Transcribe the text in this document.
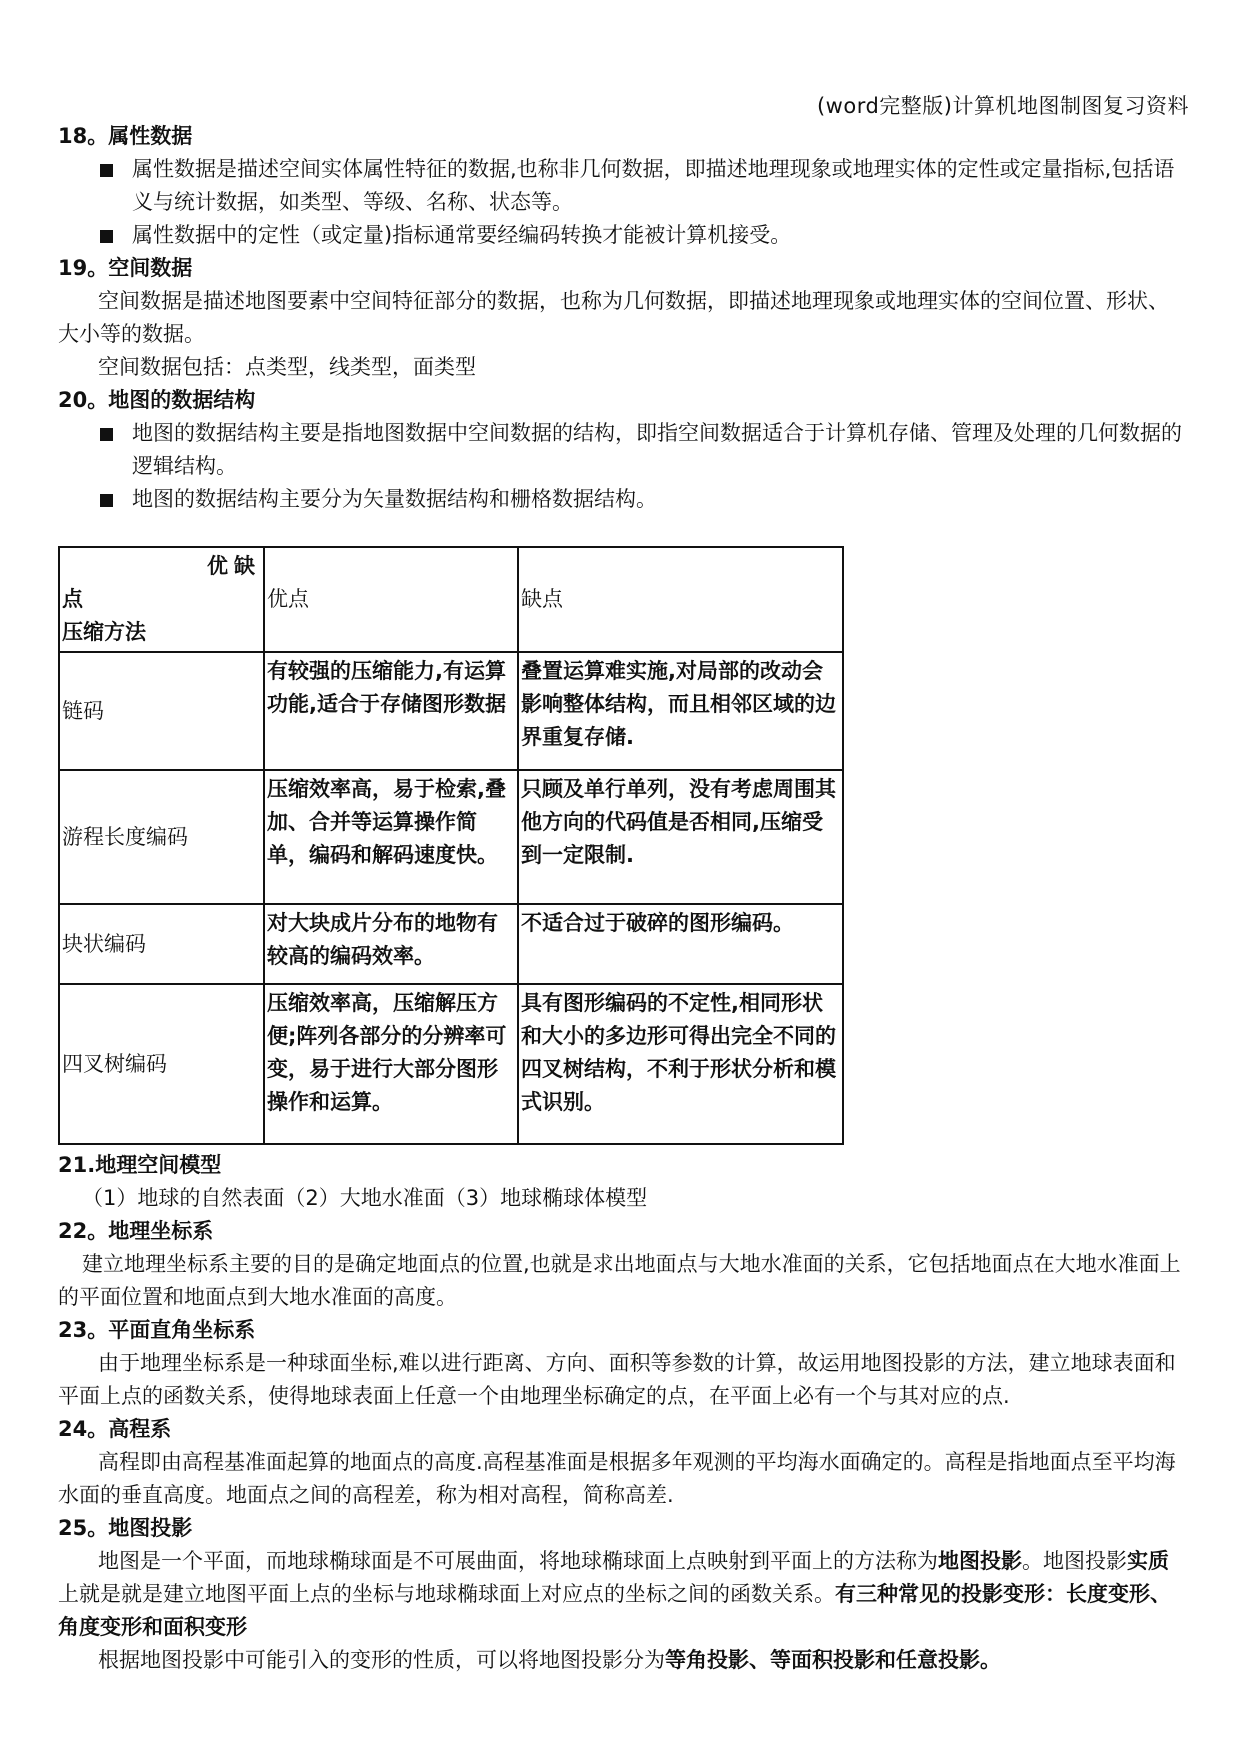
(word完整版)计算机地图制图复习资料
18。属性数据
属性数据是描述空间实体属性特征的数据,也称非几何数据，即描述地理现象或地理实体的定性或定量指标,包括语义与统计数据，如类型、等级、名称、状态等。
属性数据中的定性（或定量)指标通常要经编码转换才能被计算机接受。
19。空间数据
空间数据是描述地图要素中空间特征部分的数据，也称为几何数据，即描述地理现象或地理实体的空间位置、形状、大小等的数据。
空间数据包括：点类型，线类型，面类型
20。地图的数据结构
地图的数据结构主要是指地图数据中空间数据的结构，即指空间数据适合于计算机存储、管理及处理的几何数据的逻辑结构。
地图的数据结构主要分为矢量数据结构和栅格数据结构。
优缺
点
压缩方法	优点	缺点
链码	有较强的压缩能力,有运算功能,适合于存储图形数据	叠置运算难实施,对局部的改动会影响整体结构，而且相邻区域的边界重复存储.
游程长度编码	压缩效率高，易于检索,叠加、合并等运算操作简单，编码和解码速度快。	只顾及单行单列，没有考虑周围其他方向的代码值是否相同,压缩受到一定限制.
块状编码	对大块成片分布的地物有较高的编码效率。	不适合过于破碎的图形编码。
四叉树编码	压缩效率高，压缩解压方便;阵列各部分的分辨率可变，易于进行大部分图形操作和运算。	具有图形编码的不定性,相同形状和大小的多边形可得出完全不同的四叉树结构，不利于形状分析和模式识别。
21.地理空间模型
（1）地球的自然表面（2）大地水准面（3）地球椭球体模型
22。地理坐标系
建立地理坐标系主要的目的是确定地面点的位置,也就是求出地面点与大地水准面的关系，它包括地面点在大地水准面上的平面位置和地面点到大地水准面的高度。
23。平面直角坐标系
由于地理坐标系是一种球面坐标,难以进行距离、方向、面积等参数的计算，故运用地图投影的方法，建立地球表面和平面上点的函数关系，使得地球表面上任意一个由地理坐标确定的点，在平面上必有一个与其对应的点.
24。高程系
高程即由高程基准面起算的地面点的高度.高程基准面是根据多年观测的平均海水面确定的。高程是指地面点至平均海水面的垂直高度。地面点之间的高程差，称为相对高程，简称高差.
25。地图投影
地图是一个平面，而地球椭球面是不可展曲面，将地球椭球面上点映射到平面上的方法称为地图投影。地图投影实质上就是就是建立地图平面上点的坐标与地球椭球面上对应点的坐标之间的函数关系。有三种常见的投影变形：长度变形、角度变形和面积变形
根据地图投影中可能引入的变形的性质，可以将地图投影分为等角投影、等面积投影和任意投影。
